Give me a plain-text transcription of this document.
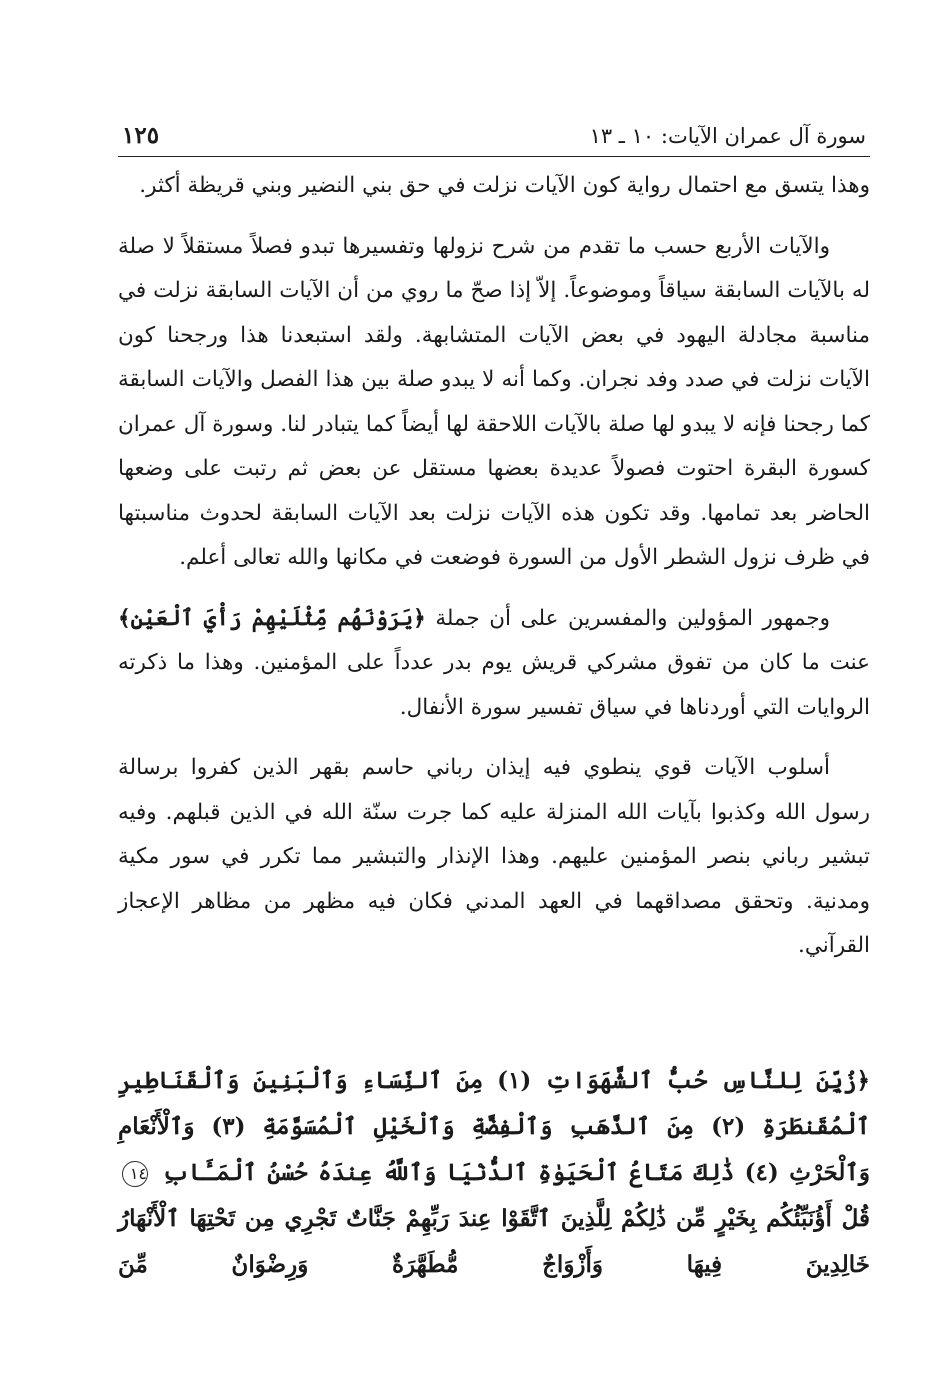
سورة آل عمران الآيات: ١٠ ـ ١٣
١٢٥

وهذا يتسق مع احتمال رواية كون الآيات نزلت في حق بني النضير وبني قريظة أكثر.

والآيات الأربع حسب ما تقدم من شرح نزولها وتفسيرها تبدو فصلاً مستقلاً لا صلة له بالآيات السابقة سياقاً وموضوعاً. إلاّ إذا صحّ ما روي من أن الآيات السابقة نزلت في مناسبة مجادلة اليهود في بعض الآيات المتشابهة. ولقد استبعدنا هذا ورجحنا كون الآيات نزلت في صدد وفد نجران. وكما أنه لا يبدو صلة بين هذا الفصل والآيات السابقة كما رجحنا فإنه لا يبدو لها صلة بالآيات اللاحقة لها أيضاً كما يتبادر لنا. وسورة آل عمران كسورة البقرة احتوت فصولاً عديدة بعضها مستقل عن بعض ثم رتبت على وضعها الحاضر بعد تمامها. وقد تكون هذه الآيات نزلت بعد الآيات السابقة لحدوث مناسبتها في ظرف نزول الشطر الأول من السورة فوضعت في مكانها والله تعالى أعلم.

وجمهور المؤولين والمفسرين على أن جملة ﴿يَرَوْنَهُم مِّثْلَيْهِمْ رَأْيَ ٱلْعَيْنِ﴾ عنت ما كان من تفوق مشركي قريش يوم بدر عدداً على المؤمنين. وهذا ما ذكرته الروايات التي أوردناها في سياق تفسير سورة الأنفال.

أسلوب الآيات قوي ينطوي فيه إيذان رباني حاسم بقهر الذين كفروا برسالة رسول الله وكذبوا بآيات الله المنزلة عليه كما جرت سنّة الله في الذين قبلهم. وفيه تبشير رباني بنصر المؤمنين عليهم. وهذا الإنذار والتبشير مما تكرر في سور مكية ومدنية. وتحقق مصداقهما في العهد المدني فكان فيه مظهر من مظاهر الإعجاز القرآني.

﴿زُيِّنَ لِلنَّاسِ حُبُّ ٱلشَّهَوَاتِ (١) مِنَ ٱلنِّسَاءِ وَٱلْبَنِينَ وَٱلْقَنَاطِيرِ ٱلْمُقَنطَرَةِ (٢) مِنَ ٱلذَّهَبِ وَٱلْفِضَّةِ وَٱلْخَيْلِ ٱلْمُسَوَّمَةِ (٣) وَٱلْأَنْعَامِ وَٱلْحَرْثِ (٤) ذَٰلِكَ مَتَاعُ ٱلْحَيَوٰةِ ٱلدُّنْيَا وَٱللَّهُ عِندَهُ حُسْنُ ٱلْمَـَٔابِ ١٤ قُلْ أَؤُنَبِّئُكُم بِخَيْرٍ مِّن ذَٰلِكُمْ لِلَّذِينَ ٱتَّقَوْا عِندَ رَبِّهِمْ جَنَّاتٌ تَجْرِي مِن تَحْتِهَا ٱلْأَنْهَارُ خَالِدِينَ فِيهَا وَأَزْوَاجٌ مُّطَهَّرَةٌ وَرِضْوَانٌ مِّنَ
